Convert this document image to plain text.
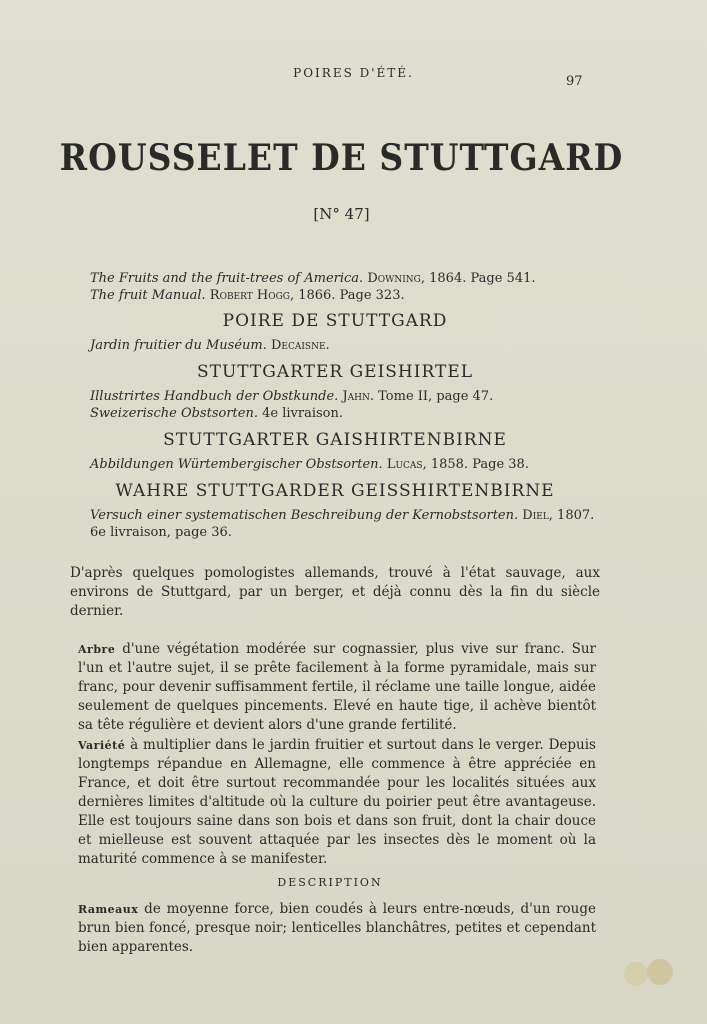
POIRES D'ÉTÉ.
97
ROUSSELET DE STUTTGARD
[N° 47]
The Fruits and the fruit-trees of America. Downing, 1864. Page 541.
The fruit Manual. Robert Hogg, 1866. Page 323.
POIRE DE STUTTGARD
Jardin fruitier du Muséum. Decaisne.
STUTTGARTER GEISHIRTEL
Illustrirtes Handbuch der Obstkunde. Jahn. Tome II, page 47.
Sweizerische Obstsorten. 4e livraison.
STUTTGARTER GAISHIRTENBIRNE
Abbildungen Würtembergischer Obstsorten. Lucas, 1858. Page 38.
WAHRE STUTTGARDER GEISSHIRTENBIRNE
Versuch einer systematischen Beschreibung der Kernobstsorten. Diel, 1807.
6e livraison, page 36.

D'après quelques pomologistes allemands, trouvé à l'état sauvage, aux environs de Stuttgard, par un berger, et déjà connu dès la fin du siècle dernier.

Arbre d'une végétation modérée sur cognassier, plus vive sur franc. Sur l'un et l'autre sujet, il se prête facilement à la forme pyramidale, mais sur franc, pour devenir suffisamment fertile, il réclame une taille longue, aidée seulement de quelques pincements. Elevé en haute tige, il achève bientôt sa tête régulière et devient alors d'une grande fertilité.

Variété à multiplier dans le jardin fruitier et surtout dans le verger. Depuis longtemps répandue en Allemagne, elle commence à être appréciée en France, et doit être surtout recommandée pour les localités situées aux dernières limites d'altitude où la culture du poirier peut être avantageuse. Elle est toujours saine dans son bois et dans son fruit, dont la chair douce et mielleuse est souvent attaquée par les insectes dès le moment où la maturité commence à se manifester.

DESCRIPTION

Rameaux de moyenne force, bien coudés à leurs entre-nœuds, d'un rouge brun bien foncé, presque noir; lenticelles blanchâtres, petites et cependant bien apparentes.
